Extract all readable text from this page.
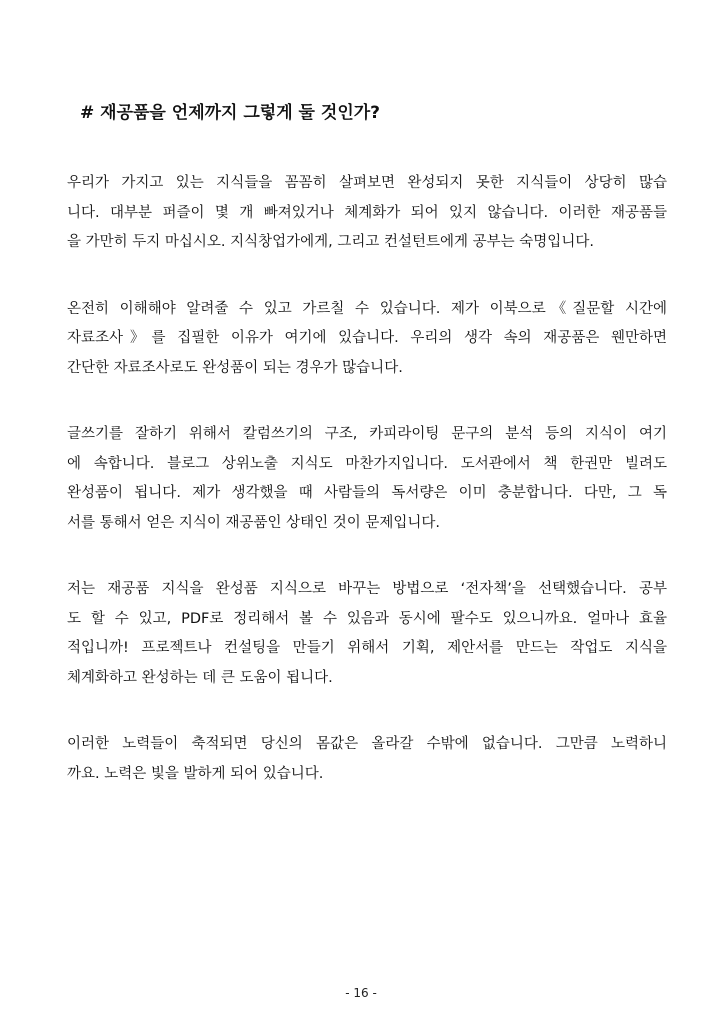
# 재공품을 언제까지 그렇게 둘 것인가?

우리가 가지고 있는 지식들을 꼼꼼히 살펴보면 완성되지 못한 지식들이 상당히 많습
니다. 대부분 퍼즐이 몇 개 빠져있거나 체계화가 되어 있지 않습니다. 이러한 재공품들
을 가만히 두지 마십시오. 지식창업가에게, 그리고 컨설턴트에게 공부는 숙명입니다.

온전히 이해해야 알려줄 수 있고 가르칠 수 있습니다. 제가 이북으로《질문할 시간에
자료조사》를 집필한 이유가 여기에 있습니다. 우리의 생각 속의 재공품은 웬만하면
간단한 자료조사로도 완성품이 되는 경우가 많습니다.

글쓰기를 잘하기 위해서 칼럼쓰기의 구조, 카피라이팅 문구의 분석 등의 지식이 여기
에 속합니다. 블로그 상위노출 지식도 마찬가지입니다. 도서관에서 책 한권만 빌려도
완성품이 됩니다. 제가 생각했을 때 사람들의 독서량은 이미 충분합니다. 다만, 그 독
서를 통해서 얻은 지식이 재공품인 상태인 것이 문제입니다.

저는 재공품 지식을 완성품 지식으로 바꾸는 방법으로 ‘전자책’을 선택했습니다. 공부
도 할 수 있고, PDF로 정리해서 볼 수 있음과 동시에 팔수도 있으니까요. 얼마나 효율
적입니까! 프로젝트나 컨설팅을 만들기 위해서 기획, 제안서를 만드는 작업도 지식을
체계화하고 완성하는 데 큰 도움이 됩니다.

이러한 노력들이 축적되면 당신의 몸값은 올라갈 수밖에 없습니다. 그만큼 노력하니
까요. 노력은 빛을 발하게 되어 있습니다.

- 16 -
